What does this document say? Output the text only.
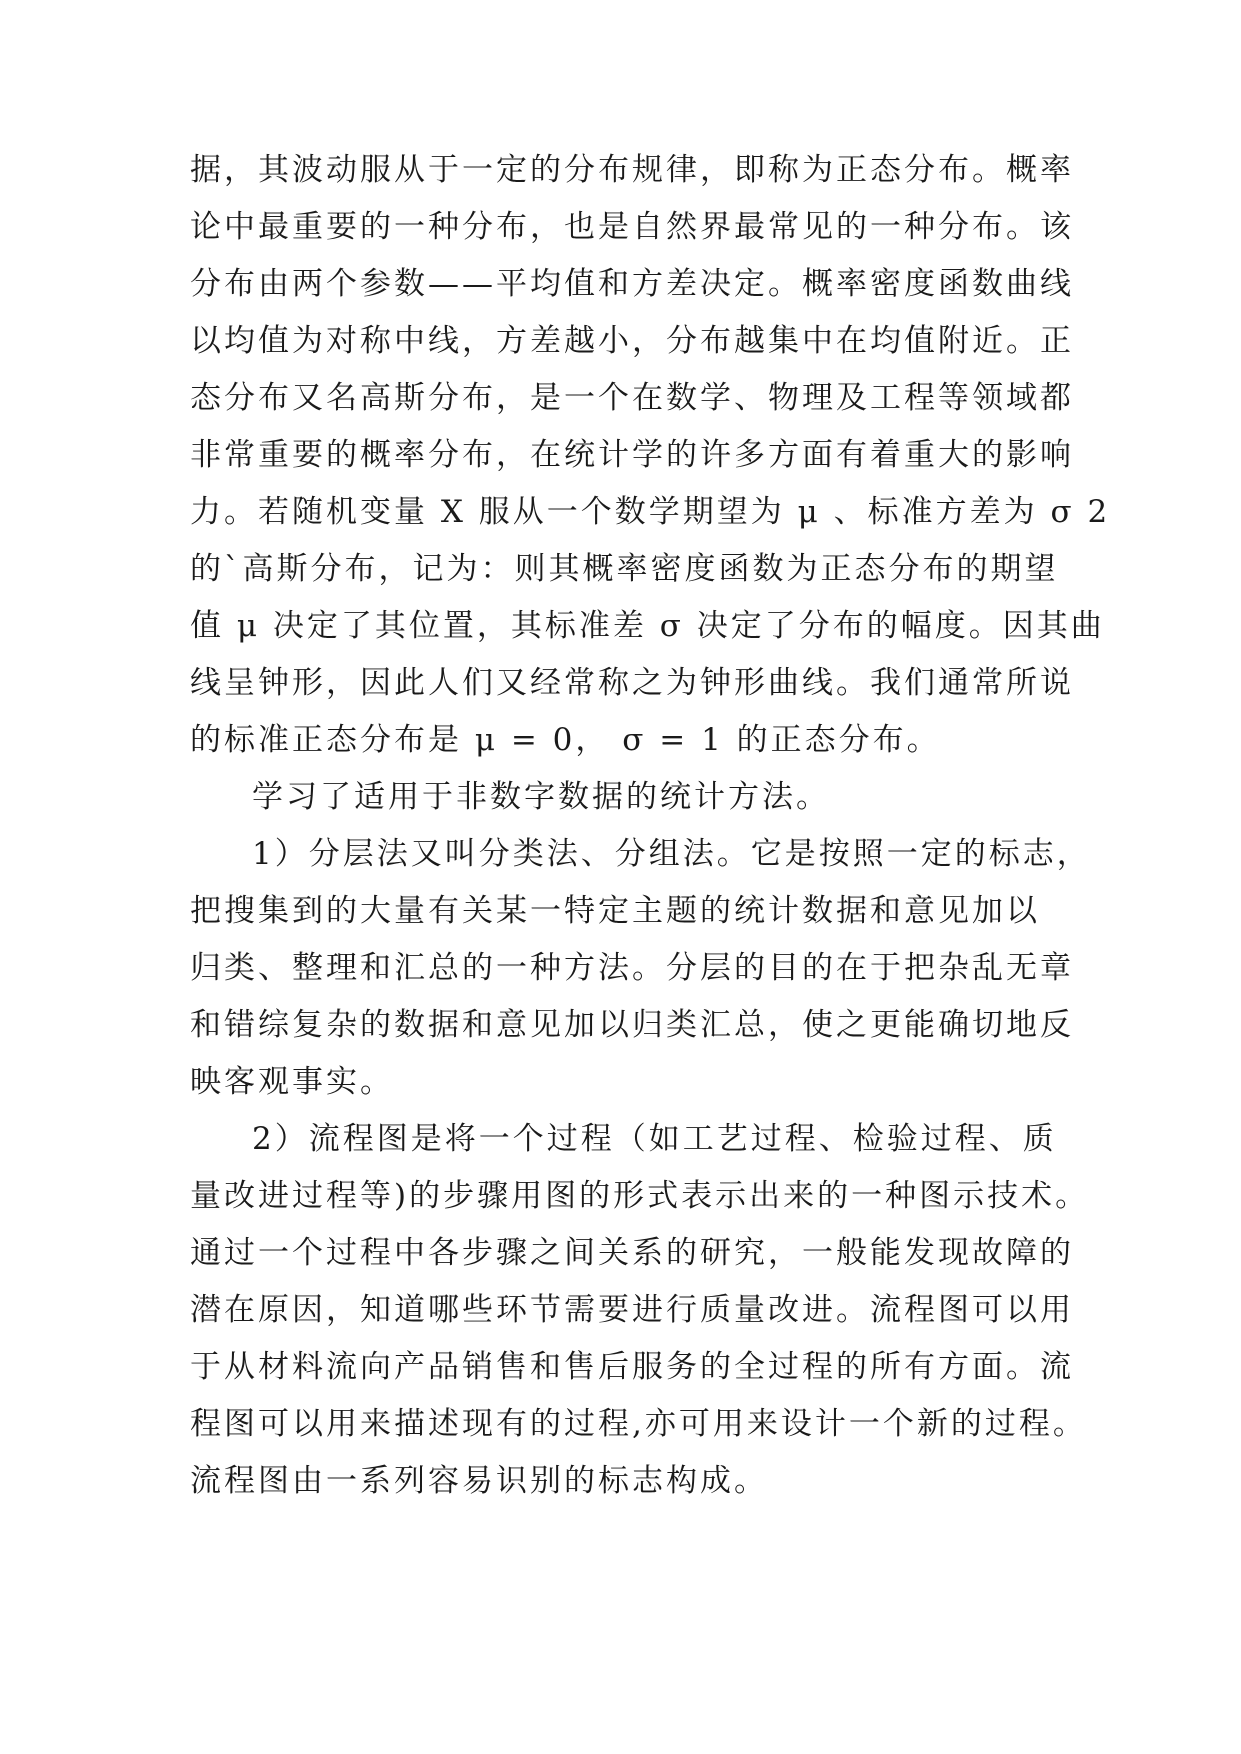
据，其波动服从于一定的分布规律，即称为正态分布。概率
论中最重要的一种分布，也是自然界最常见的一种分布。该
分布由两个参数——平均值和方差决定。概率密度函数曲线
以均值为对称中线，方差越小，分布越集中在均值附近。正
态分布又名高斯分布，是一个在数学、物理及工程等领域都
非常重要的概率分布，在统计学的许多方面有着重大的影响
力。若随机变量 X 服从一个数学期望为 μ 、标准方差为 σ 2
的`高斯分布，记为：则其概率密度函数为正态分布的期望
值 μ 决定了其位置，其标准差 σ 决定了分布的幅度。因其曲
线呈钟形，因此人们又经常称之为钟形曲线。我们通常所说
的标准正态分布是 μ = 0， σ = 1 的正态分布。
学习了适用于非数字数据的统计方法。
1）分层法又叫分类法、分组法。它是按照一定的标志，
把搜集到的大量有关某一特定主题的统计数据和意见加以
归类、整理和汇总的一种方法。分层的目的在于把杂乱无章
和错综复杂的数据和意见加以归类汇总，使之更能确切地反
映客观事实。
2）流程图是将一个过程（如工艺过程、检验过程、质
量改进过程等)的步骤用图的形式表示出来的一种图示技术。
通过一个过程中各步骤之间关系的研究，一般能发现故障的
潜在原因，知道哪些环节需要进行质量改进。流程图可以用
于从材料流向产品销售和售后服务的全过程的所有方面。流
程图可以用来描述现有的过程,亦可用来设计一个新的过程。
流程图由一系列容易识别的标志构成。
